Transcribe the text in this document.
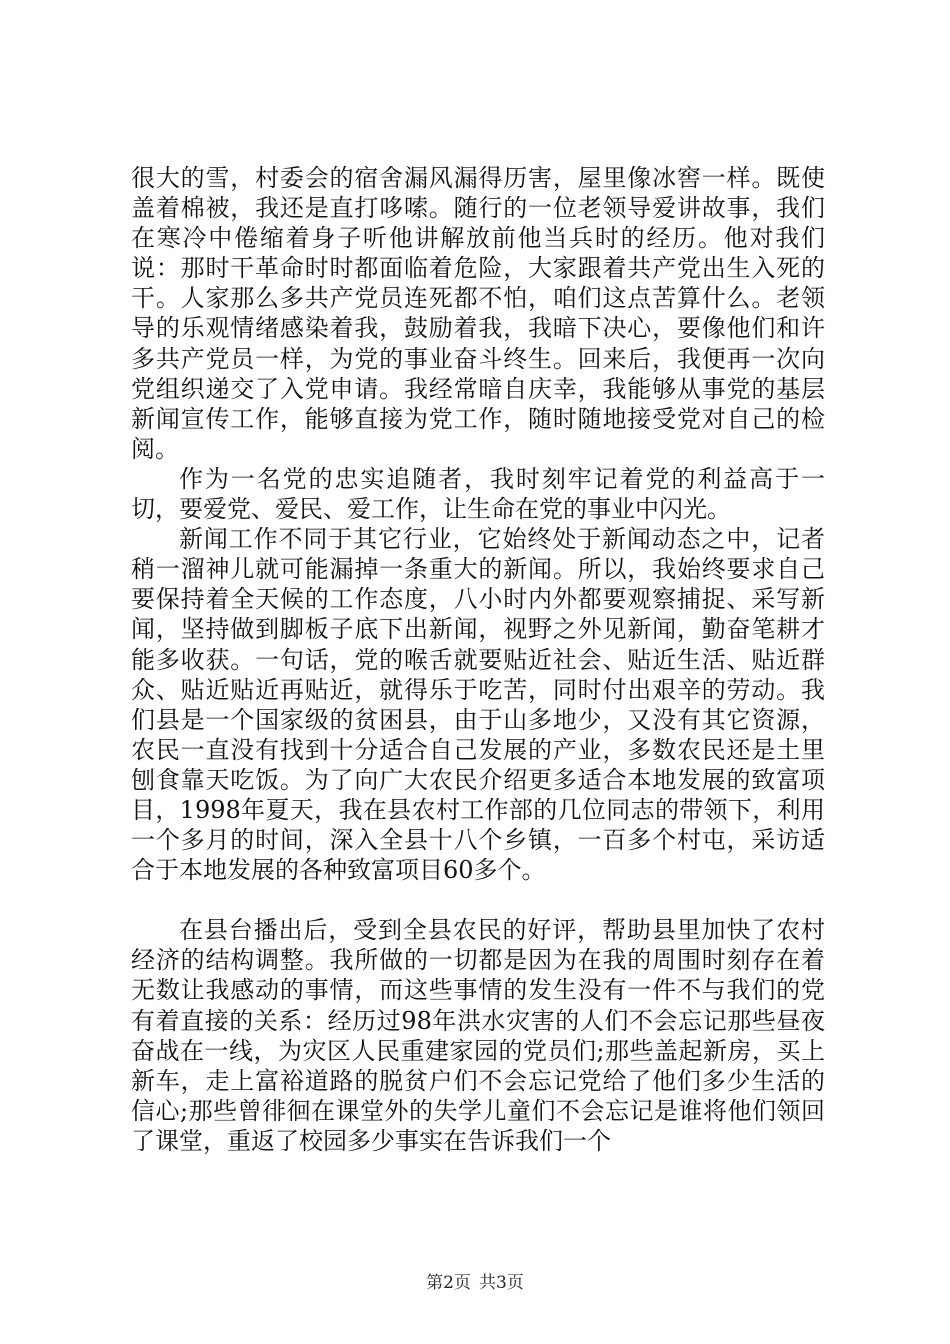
很大的雪，村委会的宿舍漏风漏得历害，屋里像冰窖一样。既使盖着棉被，我还是直打哆嗦。随行的一位老领导爱讲故事，我们在寒冷中倦缩着身子听他讲解放前他当兵时的经历。他对我们说：那时干革命时时都面临着危险，大家跟着共产党出生入死的干。人家那么多共产党员连死都不怕，咱们这点苦算什么。老领导的乐观情绪感染着我，鼓励着我，我暗下决心，要像他们和许多共产党员一样，为党的事业奋斗终生。回来后，我便再一次向党组织递交了入党申请。我经常暗自庆幸，我能够从事党的基层新闻宣传工作，能够直接为党工作，随时随地接受党对自己的检阅。

作为一名党的忠实追随者，我时刻牢记着党的利益高于一切，要爱党、爱民、爱工作，让生命在党的事业中闪光。

新闻工作不同于其它行业，它始终处于新闻动态之中，记者稍一溜神儿就可能漏掉一条重大的新闻。所以，我始终要求自己要保持着全天候的工作态度，八小时内外都要观察捕捉、采写新闻，坚持做到脚板子底下出新闻，视野之外见新闻，勤奋笔耕才能多收获。一句话，党的喉舌就要贴近社会、贴近生活、贴近群众、贴近贴近再贴近，就得乐于吃苦，同时付出艰辛的劳动。我们县是一个国家级的贫困县，由于山多地少，又没有其它资源，农民一直没有找到十分适合自己发展的产业，多数农民还是土里刨食靠天吃饭。为了向广大农民介绍更多适合本地发展的致富项目，1998年夏天，我在县农村工作部的几位同志的带领下，利用一个多月的时间，深入全县十八个乡镇，一百多个村屯，采访适合于本地发展的各种致富项目60多个。

在县台播出后，受到全县农民的好评，帮助县里加快了农村经济的结构调整。我所做的一切都是因为在我的周围时刻存在着无数让我感动的事情，而这些事情的发生没有一件不与我们的党有着直接的关系：经历过98年洪水灾害的人们不会忘记那些昼夜奋战在一线，为灾区人民重建家园的党员们;那些盖起新房，买上新车，走上富裕道路的脱贫户们不会忘记党给了他们多少生活的信心;那些曾徘徊在课堂外的失学儿童们不会忘记是谁将他们领回了课堂，重返了校园多少事实在告诉我们一个

第2页 共3页
